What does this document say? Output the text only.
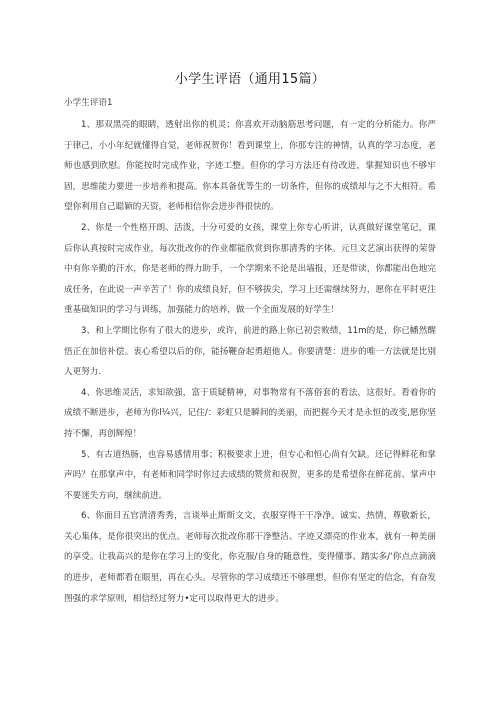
小学生评语（通用15篇）

小学生评语1

1、那双黑亮的眼睛，透射出你的机灵；你喜欢开动脑筋思考问题，有一定的分析能力。你严于律己，小小年纪就懂得自觉，老师祝贺你！看到课堂上，你那专注的神情，认真的学习态度，老师也感到欣慰。你能按时完成作业，字迹工整。但你的学习方法还有待改进，掌握知识也不够牢固，思维能力要进一步培养和提高。你本具备优等生的一切条件，但你的成绩却与之不大相符。希望你利用自己聪颖的天资，老师相信你会进步得很快的。

2、你是一个性格开朗、活泼，十分可爱的女孩，课堂上你专心听讲，认真做好课堂笔记，课后你认真按时完成作业，每次批改你的作业都能欣赏到你那清秀的字体。元旦文艺演出获得的荣誉中有你辛勤的汗水，你是老师的得力助手，一个学期来不论是出墙报，还是带读，你都能出色地完成任务，在此说一声辛苦了！你的成绩良好，但不够拔尖，学习上还需继续努力，愿你在平时更注重基础知识的学习与训练，加强能力的培养，做一个全面发展的好学生！

3、和上学期比你有了很大的进步，或许，前进的路上你已初尝败绩，11m的是，你已幡然醒悟正在加倍补偿。衷心希望以后的你，能扬鞭奋起勇超他人。你要清楚：进步的唯一方法就是比别人更努力.

4、你思维灵活，求知欲强，富于质疑精神，对事物常有不落俗套的看法，这很好。看着你的成绩不断进步，老师为你l¼兴，记住/：彩虹只是瞬间的美丽，而把握今天才是永恒的改变,愿你坚持不懈，再创辉煌！

5、有古道热肠，也容易感情用事；积极要求上进，但专心和恒心尚有欠缺。还记得鲜花和掌声吗？在那掌声中，有老师和同学时你过去成绩的赞赏和祝贺，更多的是希望你在鲜花前、掌声中不要迷失方向，继续前进。

6、你面目五官清清秀秀，言谈举止斯斯文文，衣服穿得干干净净。诚实、热情，尊敬新长，关心集体，是你很突出的优点。老师每次批改你那干净整洁、字迹又漂亮的作业本，就有一种美丽的享受。让我高兴的是你在学习上的变化，你克服/自身的随意性，变得懂事、踏实多/‘你点点滴滴的进步，老师都看在眼里，再在心头。尽管你的学习成绩还不够理想，但你有坚定的信念，有奋发图强的求学原则，相信经过努力•定可以取得更大的进步。
